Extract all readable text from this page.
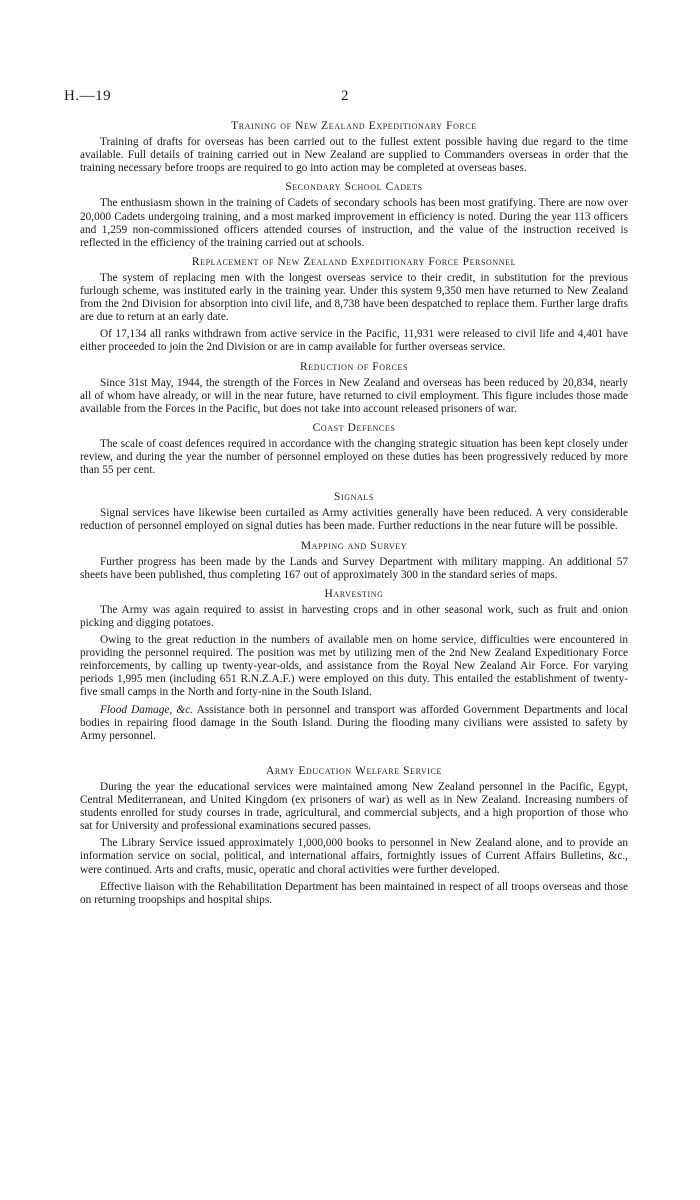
H.—19	2
Training of New Zealand Expeditionary Force

Training of drafts for overseas has been carried out to the fullest extent possible having due regard to the time available. Full details of training carried out in New Zealand are supplied to Commanders overseas in order that the training necessary before troops are required to go into action may be completed at overseas bases.

Secondary School Cadets

The enthusiasm shown in the training of Cadets of secondary schools has been most gratifying. There are now over 20,000 Cadets undergoing training, and a most marked improvement in efficiency is noted. During the year 113 officers and 1,259 non-commissioned officers attended courses of instruction, and the value of the instruction received is reflected in the efficiency of the training carried out at schools.

Replacement of New Zealand Expeditionary Force Personnel

The system of replacing men with the longest overseas service to their credit, in substitution for the previous furlough scheme, was instituted early in the training year. Under this system 9,350 men have returned to New Zealand from the 2nd Division for absorption into civil life, and 8,738 have been despatched to replace them. Further large drafts are due to return at an early date.

Of 17,134 all ranks withdrawn from active service in the Pacific, 11,931 were released to civil life and 4,401 have either proceeded to join the 2nd Division or are in camp available for further overseas service.

Reduction of Forces

Since 31st May, 1944, the strength of the Forces in New Zealand and overseas has been reduced by 20,834, nearly all of whom have already, or will in the near future, have returned to civil employment. This figure includes those made available from the Forces in the Pacific, but does not take into account released prisoners of war.

Coast Defences

The scale of coast defences required in accordance with the changing strategic situation has been kept closely under review, and during the year the number of personnel employed on these duties has been progressively reduced by more than 55 per cent.

Signals

Signal services have likewise been curtailed as Army activities generally have been reduced. A very considerable reduction of personnel employed on signal duties has been made. Further reductions in the near future will be possible.

Mapping and Survey

Further progress has been made by the Lands and Survey Department with military mapping. An additional 57 sheets have been published, thus completing 167 out of approximately 300 in the standard series of maps.

Harvesting

The Army was again required to assist in harvesting crops and in other seasonal work, such as fruit and onion picking and digging potatoes.

Owing to the great reduction in the numbers of available men on home service, difficulties were encountered in providing the personnel required. The position was met by utilizing men of the 2nd New Zealand Expeditionary Force reinforcements, by calling up twenty-year-olds, and assistance from the Royal New Zealand Air Force. For varying periods 1,995 men (including 651 R.N.Z.A.F.) were employed on this duty. This entailed the establishment of twenty-five small camps in the North and forty-nine in the South Island.

Flood Damage, &c. Assistance both in personnel and transport was afforded Government Departments and local bodies in repairing flood damage in the South Island. During the flooding many civilians were assisted to safety by Army personnel.

Army Education Welfare Service

During the year the educational services were maintained among New Zealand personnel in the Pacific, Egypt, Central Mediterranean, and United Kingdom (ex prisoners of war) as well as in New Zealand. Increasing numbers of students enrolled for study courses in trade, agricultural, and commercial subjects, and a high proportion of those who sat for University and professional examinations secured passes.

The Library Service issued approximately 1,000,000 books to personnel in New Zealand alone, and to provide an information service on social, political, and international affairs, fortnightly issues of Current Affairs Bulletins, &c., were continued. Arts and crafts, music, operatic and choral activities were further developed.

Effective liaison with the Rehabilitation Department has been maintained in respect of all troops overseas and those on returning troopships and hospital ships.
